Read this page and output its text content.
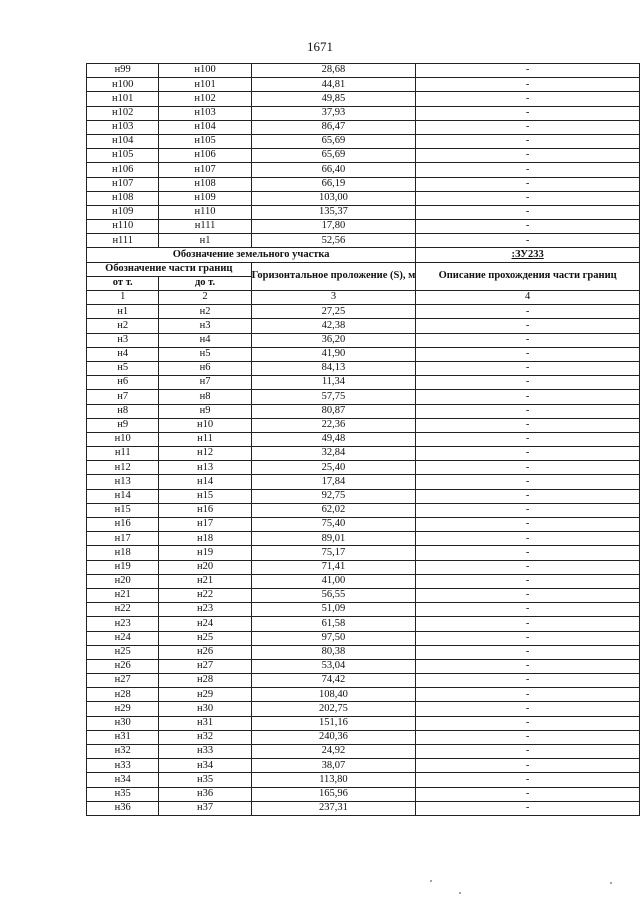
1671
н99	н100	28,68	-
н100	н101	44,81	-
н101	н102	49,85	-
н102	н103	37,93	-
н103	н104	86,47	-
н104	н105	65,69	-
н105	н106	65,69	-
н106	н107	66,40	-
н107	н108	66,19	-
н108	н109	103,00	-
н109	н110	135,37	-
н110	н111	17,80	-
н111	н1	52,56	-
Обозначение земельного участка			:ЗУ233
Обозначение части границ		Горизонтальное проложение (S), м	Описание прохождения части границ
от т.	до т.		
1	2	3	4
н1	н2	27,25	-
н2	н3	42,38	-
н3	н4	36,20	-
н4	н5	41,90	-
н5	н6	84,13	-
н6	н7	11,34	-
н7	н8	57,75	-
н8	н9	80,87	-
н9	н10	22,36	-
н10	н11	49,48	-
н11	н12	32,84	-
н12	н13	25,40	-
н13	н14	17,84	-
н14	н15	92,75	-
н15	н16	62,02	-
н16	н17	75,40	-
н17	н18	89,01	-
н18	н19	75,17	-
н19	н20	71,41	-
н20	н21	41,00	-
н21	н22	56,55	-
н22	н23	51,09	-
н23	н24	61,58	-
н24	н25	97,50	-
н25	н26	80,38	-
н26	н27	53,04	-
н27	н28	74,42	-
н28	н29	108,40	-
н29	н30	202,75	-
н30	н31	151,16	-
н31	н32	240,36	-
н32	н33	24,92	-
н33	н34	38,07	-
н34	н35	113,80	-
н35	н36	165,96	-
н36	н37	237,31	-
